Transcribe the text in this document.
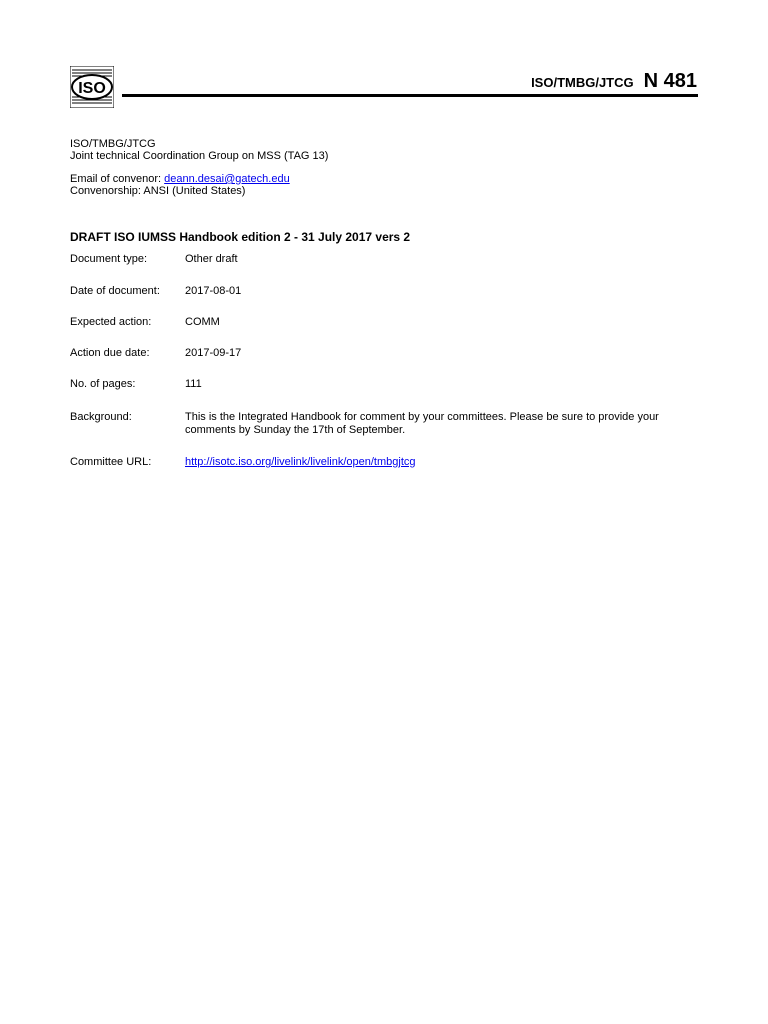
ISO	ISO/TMBG/JTCG N 481
ISO/TMBG/JTCG
Joint technical Coordination Group on MSS (TAG 13)
Email of convenor: deann.desai@gatech.edu
Convenorship: ANSI (United States)
DRAFT ISO IUMSS Handbook edition 2 - 31 July 2017 vers 2
Document type:	Other draft
Date of document:	2017-08-01
Expected action:	COMM
Action due date:	2017-09-17
No. of pages:	111
Background:	This is the Integrated Handbook for comment by your committees. Please be sure to provide your comments by Sunday the 17th of September.
Committee URL:	http://isotc.iso.org/livelink/livelink/open/tmbgjtcg
